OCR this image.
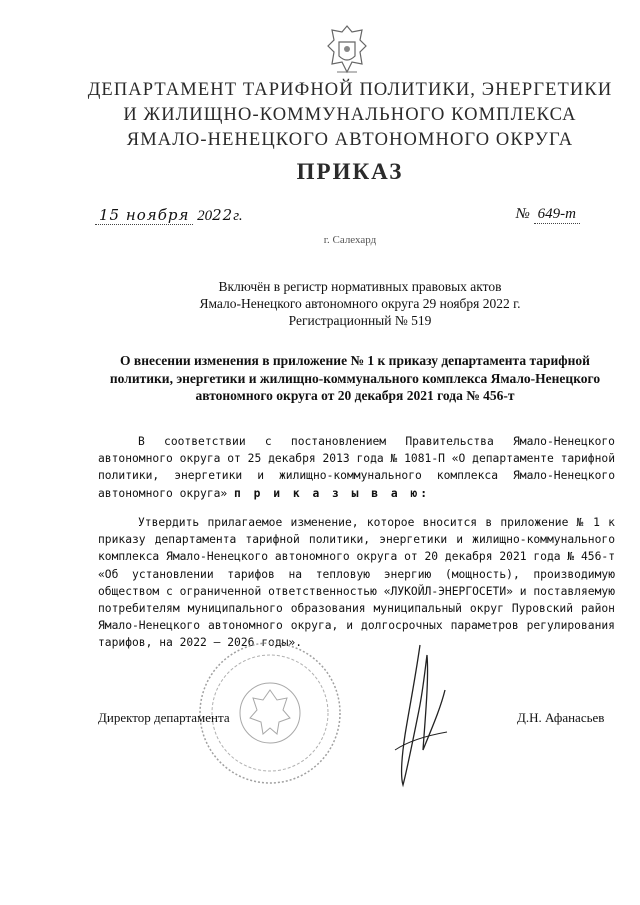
ДЕПАРТАМЕНТ ТАРИФНОЙ ПОЛИТИКИ, ЭНЕРГЕТИКИ
И ЖИЛИЩНО-КОММУНАЛЬНОГО КОМПЛЕКСА
ЯМАЛО-НЕНЕЦКОГО АВТОНОМНОГО ОКРУГА
ПРИКАЗ
15 ноября 2022г.	№ 649-т
г. Салехард
Включён в регистр нормативных правовых актов
Ямало-Ненецкого автономного округа 29 ноября 2022 г.
Регистрационный № 519
О внесении изменения в приложение № 1 к приказу департамента тарифной политики, энергетики и жилищно-коммунального комплекса Ямало-Ненецкого автономного округа от 20 декабря 2021 года № 456-т
В соответствии с постановлением Правительства Ямало-Ненецкого автономного округа от 25 декабря 2013 года № 1081-П «О департаменте тарифной политики, энергетики и жилищно-коммунального комплекса Ямало-Ненецкого автономного округа» п р и к а з ы в а ю:
Утвердить прилагаемое изменение, которое вносится в приложение № 1 к приказу департамента тарифной политики, энергетики и жилищно-коммунального комплекса Ямало-Ненецкого автономного округа от 20 декабря 2021 года № 456-т «Об установлении тарифов на тепловую энергию (мощность), производимую обществом с ограниченной ответственностью «ЛУКОЙЛ-ЭНЕРГОСЕТИ» и поставляемую потребителям муниципального образования муниципальный округ Пуровский район Ямало-Ненецкого автономного округа, и долгосрочных параметров регулирования тарифов, на 2022 – 2026 годы».
Директор департамента	Д.Н. Афанасьев
